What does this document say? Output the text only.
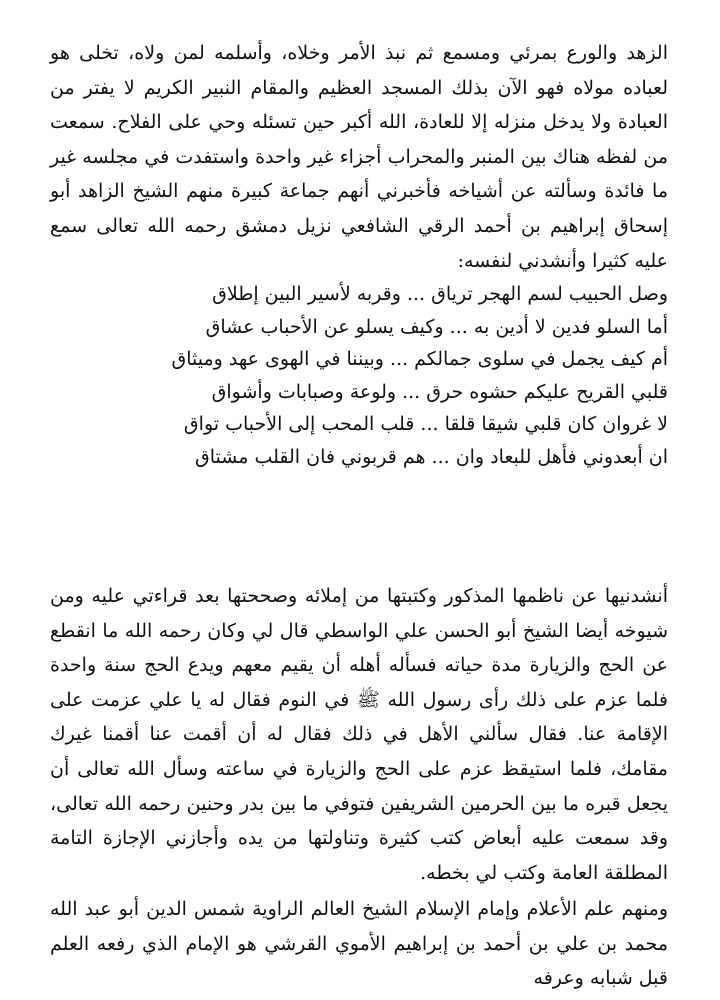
الزهد والورع بمرئي ومسمع ثم نبذ الأمر وخلاه، وأسلمه لمن ولاه، تخلى هو لعباده مولاه فهو الآن بذلك المسجد العظيم والمقام النبير الكريم لا يفتر من العبادة ولا يدخل منزله إلا للعادة، الله أكبر حين تسئله وحي على الفلاح. سمعت من لفظه هناك بين المنبر والمحراب أجزاء غير واحدة واستفدت في مجلسه غير ما فائدة وسألته عن أشياخه فأخبرني أنهم جماعة كبيرة منهم الشيخ الزاهد أبو إسحاق إبراهيم بن أحمد الرقي الشافعي نزيل دمشق رحمه الله تعالى سمع عليه كثيرا وأنشدني لنفسه:

وصل الحبيب لسم الهجر ترياق ... وقربه لأسير البين إطلاق
أما السلو فدين لا أدين به ... وكيف يسلو عن الأحباب عشاق
أم كيف يجمل في سلوى جمالكم ... وبيننا في الهوى عهد وميثاق
قلبي القريح عليكم حشوه حرق ... ولوعة وصبابات وأشواق
لا غروان كان قلبي شيقا قلقا ... قلب المحب إلى الأحباب تواق
ان أبعدوني فأهل للبعاد وان ... هم قربوني فان القلب مشتاق

أنشدنيها عن ناظمها المذكور وكتبتها من إملائه وصححتها بعد قراءتي عليه ومن شيوخه أيضا الشيخ أبو الحسن علي الواسطي قال لي وكان رحمه الله ما انقطع عن الحج والزيارة مدة حياته فسأله أهله أن يقيم معهم ويدع الحج سنة واحدة فلما عزم على ذلك رأى رسول الله ﷺ في النوم فقال له يا علي عزمت على الإقامة عنا. فقال سألني الأهل في ذلك فقال له أن أقمت عنا أقمنا غيرك مقامك، فلما استيقظ عزم على الحج والزيارة في ساعته وسأل الله تعالى أن يجعل قبره ما بين الحرمين الشريفين فتوفي ما بين بدر وحنين رحمه الله تعالى، وقد سمعت عليه أبعاض كتب كثيرة وتناولتها من يده وأجازني الإجازة التامة المطلقة العامة وكتب لي بخطه.

ومنهم علم الأعلام وإمام الإسلام الشيخ العالم الراوية شمس الدين أبو عبد الله محمد بن علي بن أحمد بن إبراهيم الأموي القرشي هو الإمام الذي رفعه العلم قبل شبابه وعرفه
